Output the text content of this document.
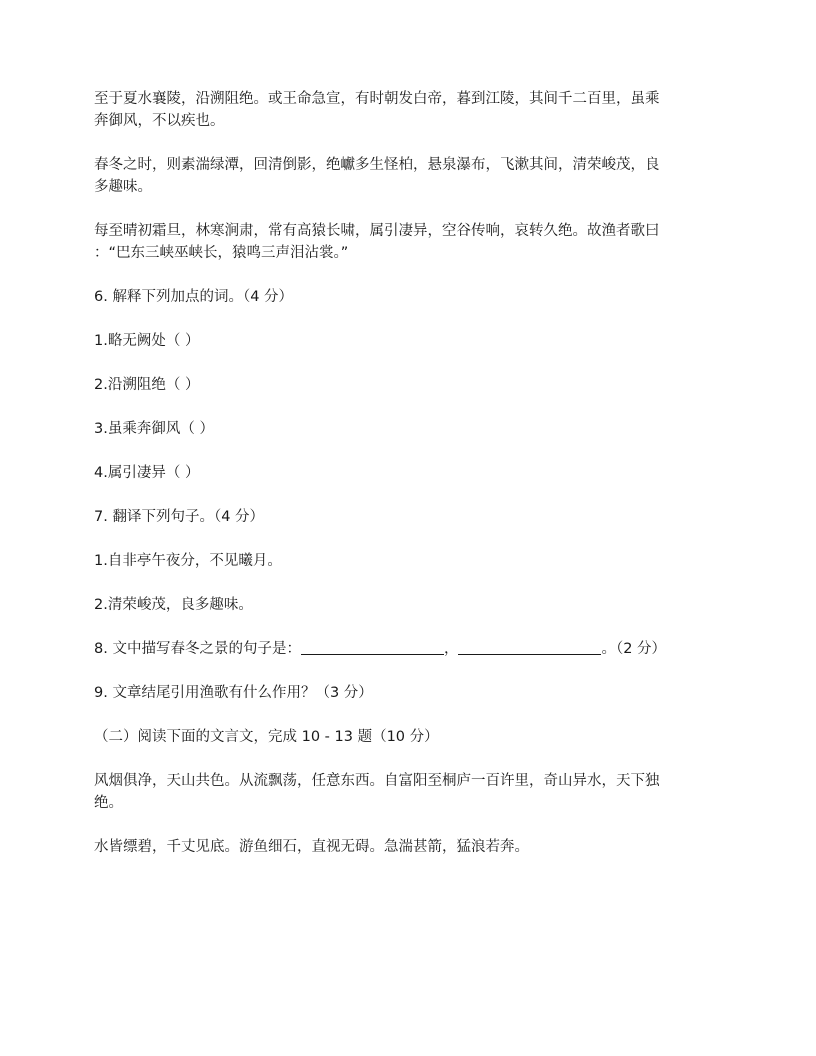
至于夏水襄陵，沿溯阻绝。或王命急宣，有时朝发白帝，暮到江陵，其间千二百里，虽乘

奔御风，不以疾也。

春冬之时，则素湍绿潭，回清倒影，绝巘多生怪柏，悬泉瀑布，飞漱其间，清荣峻茂，良

多趣味。

每至晴初霜旦，林寒涧肃，常有高猿长啸，属引凄异，空谷传响，哀转久绝。故渔者歌曰

：“巴东三峡巫峡长，猿鸣三声泪沾裳。”

6. 解释下列加点的词。（4 分）

1.略无阙处（ ）

2.沿溯阻绝（ ）

3.虽乘奔御风（ ）

4.属引凄异（ ）

7. 翻译下列句子。（4 分）

1.自非亭午夜分，不见曦月。

2.清荣峻茂，良多趣味。

8. 文中描写春冬之景的句子是：	，	。（2 分）

9. 文章结尾引用渔歌有什么作用？（3 分）

（二）阅读下面的文言文，完成 10 - 13 题（10 分）

风烟俱净，天山共色。从流飘荡，任意东西。自富阳至桐庐一百许里，奇山异水，天下独

绝。

水皆缥碧，千丈见底。游鱼细石，直视无碍。急湍甚箭，猛浪若奔。
